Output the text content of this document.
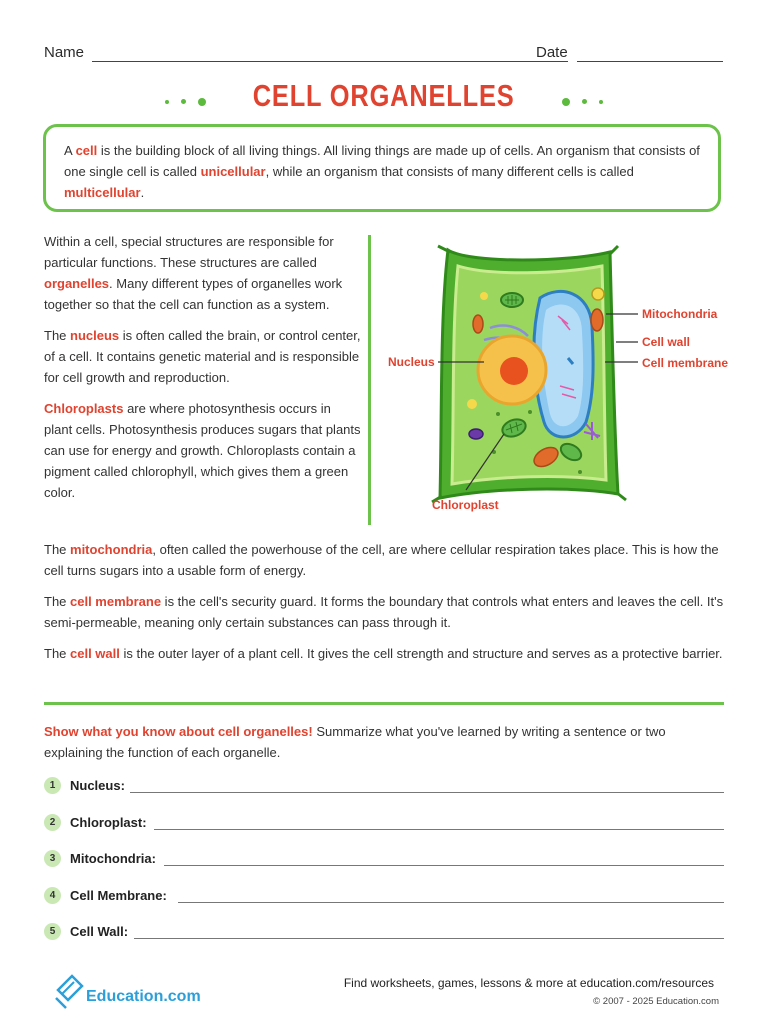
Name	Date
CELL ORGANELLES

A cell is the building block of all living things. All living things are made up of cells. An organism that consists of one single cell is called unicellular, while an organism that consists of many different cells is called multicellular.

Within a cell, special structures are responsible for particular functions. These structures are called organelles. Many different types of organelles work together so that the cell can function as a system.

The nucleus is often called the brain, or control center, of a cell. It contains genetic material and is responsible for cell growth and reproduction.

Chloroplasts are where photosynthesis occurs in plant cells. Photosynthesis produces sugars that plants can use for energy and growth. Chloroplasts contain a pigment called chlorophyll, which gives them a green color.

Mitochondria
Cell wall
Cell membrane
Nucleus
Chloroplast

The mitochondria, often called the powerhouse of the cell, are where cellular respiration takes place. This is how the cell turns sugars into a usable form of energy.

The cell membrane is the cell's security guard. It forms the boundary that controls what enters and leaves the cell. It's semi-permeable, meaning only certain substances can pass through it.

The cell wall is the outer layer of a plant cell. It gives the cell strength and structure and serves as a protective barrier.

Show what you know about cell organelles! Summarize what you've learned by writing a sentence or two explaining the function of each organelle.

1	Nucleus:
2	Chloroplast:
3	Mitochondria:
4	Cell Membrane:
5	Cell Wall:
Education.com
Find worksheets, games, lessons & more at education.com/resources
© 2007 - 2025 Education.com
